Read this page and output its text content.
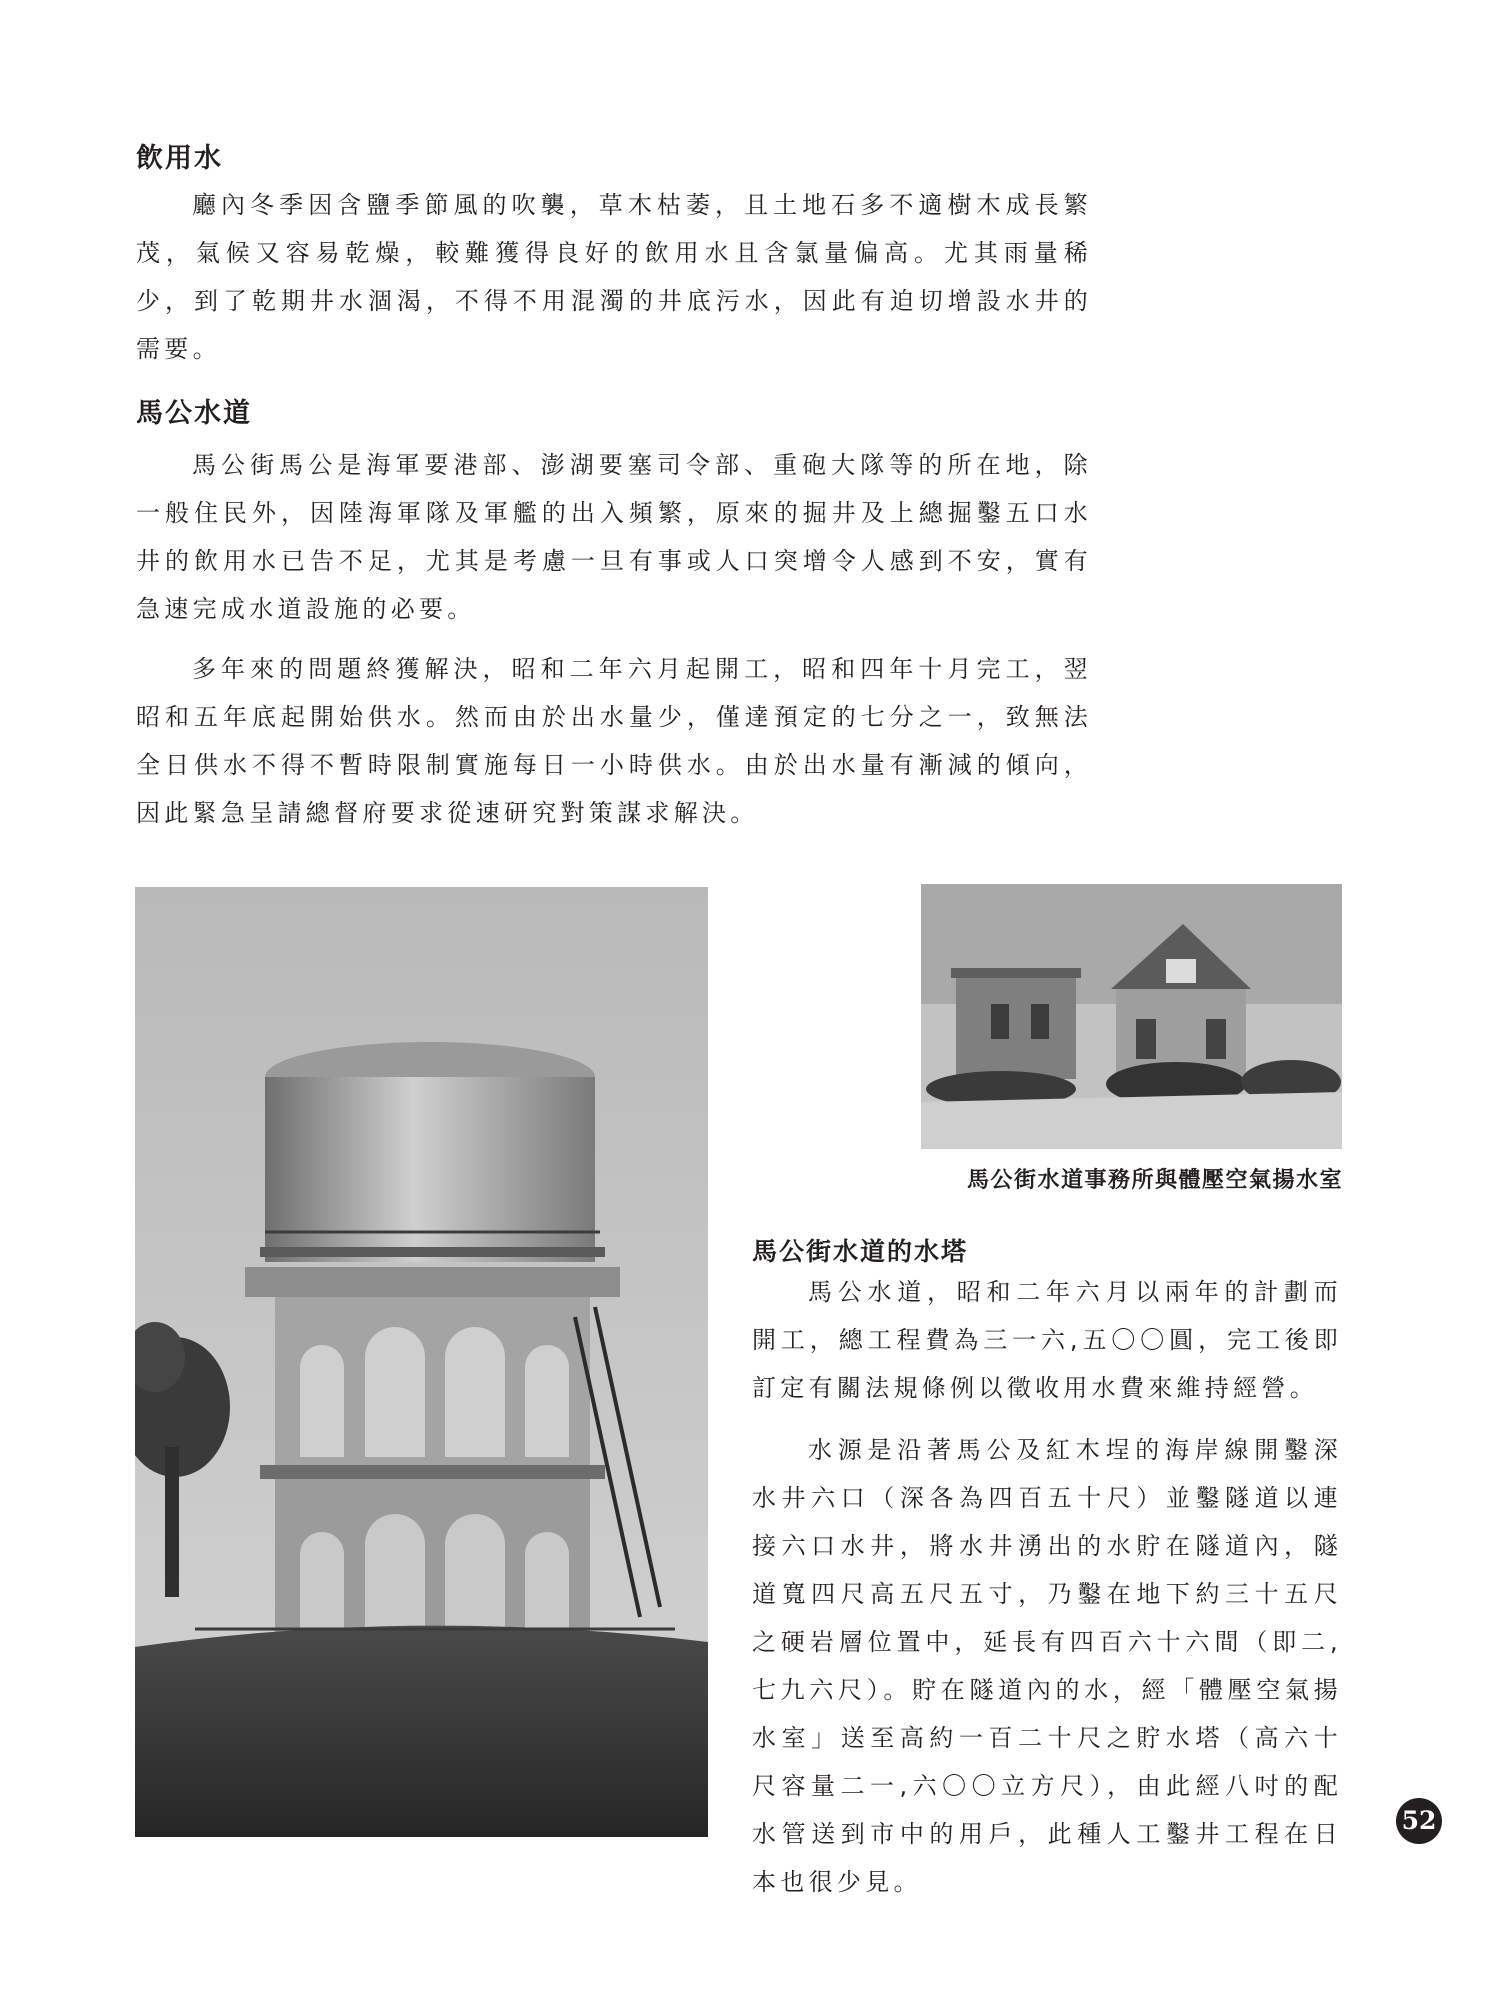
飲用水

廳內冬季因含鹽季節風的吹襲，草木枯萎，且土地石多不適樹木成長繁茂，氣候又容易乾燥，較難獲得良好的飲用水且含氯量偏高。尤其雨量稀少，到了乾期井水涸渴，不得不用混濁的井底污水，因此有迫切增設水井的需要。

馬公水道

馬公街馬公是海軍要港部、澎湖要塞司令部、重砲大隊等的所在地，除一般住民外，因陸海軍隊及軍艦的出入頻繁，原來的掘井及上總掘鑿五口水井的飲用水已告不足，尤其是考慮一旦有事或人口突增令人感到不安，實有急速完成水道設施的必要。

多年來的問題終獲解決，昭和二年六月起開工，昭和四年十月完工，翌昭和五年底起開始供水。然而由於出水量少，僅達預定的七分之一，致無法全日供水不得不暫時限制實施每日一小時供水。由於出水量有漸減的傾向，因此緊急呈請總督府要求從速研究對策謀求解決。

馬公街水道事務所與體壓空氣揚水室

馬公街水道的水塔

馬公水道，昭和二年六月以兩年的計劃而開工，總工程費為三一六,五〇〇圓，完工後即訂定有關法規條例以徵收用水費來維持經營。

水源是沿著馬公及紅木埕的海岸線開鑿深水井六口（深各為四百五十尺）並鑿隧道以連接六口水井，將水井湧出的水貯在隧道內，隧道寬四尺高五尺五寸，乃鑿在地下約三十五尺之硬岩層位置中，延長有四百六十六間（即二,七九六尺）。貯在隧道內的水，經「體壓空氣揚水室」送至高約一百二十尺之貯水塔（高六十尺容量二一,六〇〇立方尺），由此經八吋的配水管送到市中的用戶，此種人工鑿井工程在日本也很少見。

52
